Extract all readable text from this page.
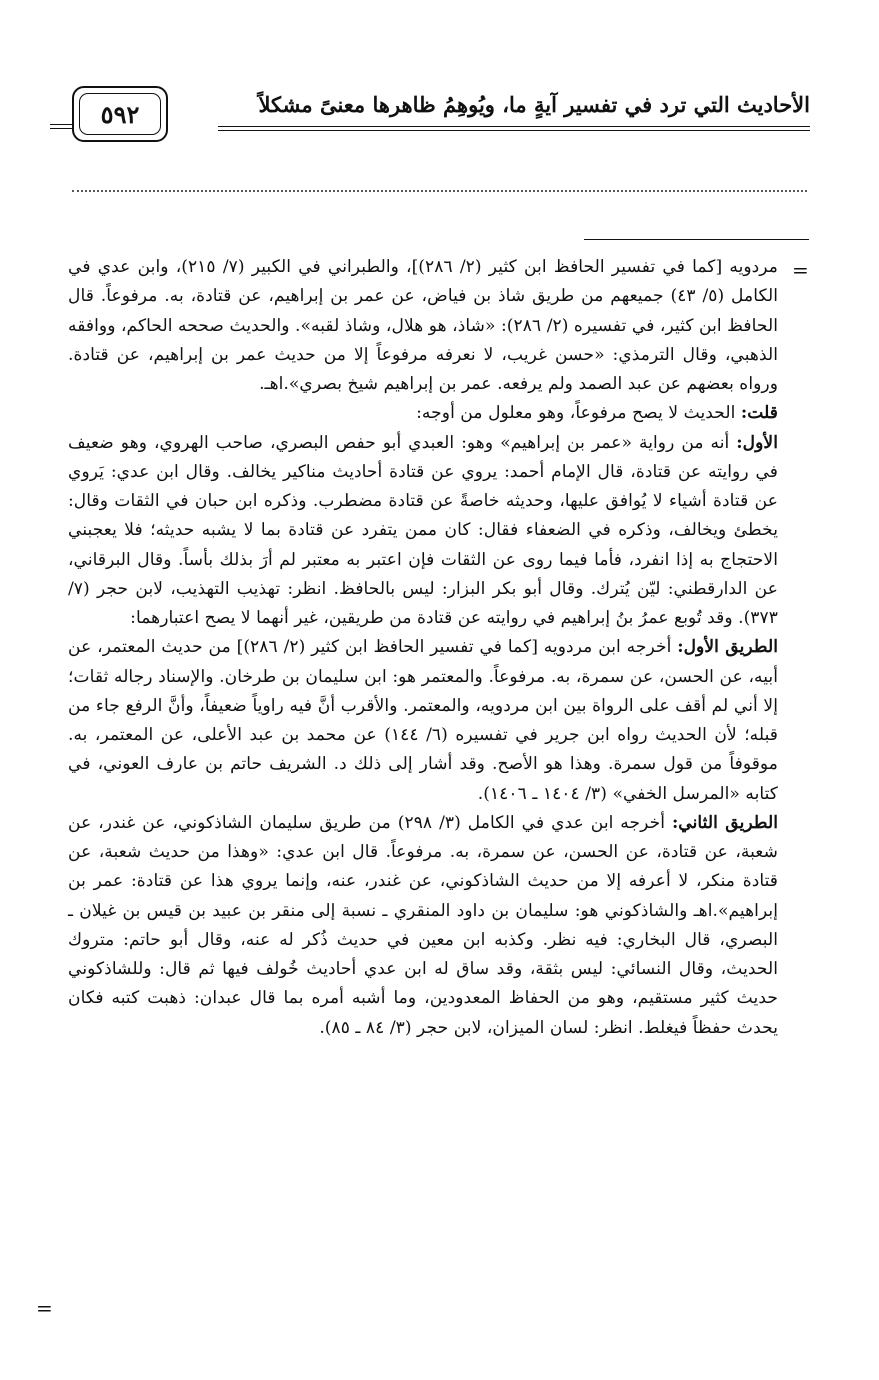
الأحاديث التي ترد في تفسير آيةٍ ما، ويُوهِمُ ظاهرها معنىً مشكلاً
٥٩٢
=

مردويه [كما في تفسير الحافظ ابن كثير (٢/ ٢٨٦)]، والطبراني في الكبير (٧/ ٢١٥)، وابن عدي في الكامل (٥/ ٤٣) جميعهم من طريق شاذ بن فياض، عن عمر بن إبراهيم، عن قتادة، به. مرفوعاً. قال الحافظ ابن كثير، في تفسيره (٢/ ٢٨٦): «شاذ، هو هلال، وشاذ لقبه». والحديث صححه الحاكم، ووافقه الذهبي، وقال الترمذي: «حسن غريب، لا نعرفه مرفوعاً إلا من حديث عمر بن إبراهيم، عن قتادة. ورواه بعضهم عن عبد الصمد ولم يرفعه. عمر بن إبراهيم شيخ بصري».اهـ.

قلت: الحديث لا يصح مرفوعاً، وهو معلول من أوجه:

الأول: أنه من رواية «عمر بن إبراهيم» وهو: العبدي أبو حفص البصري، صاحب الهروي، وهو ضعيف في روايته عن قتادة، قال الإمام أحمد: يروي عن قتادة أحاديث مناكير يخالف. وقال ابن عدي: يَروي عن قتادة أشياء لا يُوافق عليها، وحديثه خاصةً عن قتادة مضطرب. وذكره ابن حبان في الثقات وقال: يخطئ ويخالف، وذكره في الضعفاء فقال: كان ممن يتفرد عن قتادة بما لا يشبه حديثه؛ فلا يعجبني الاحتجاج به إذا انفرد، فأما فيما روى عن الثقات فإن اعتبر به معتبر لم أرَ بذلك بأساً. وقال البرقاني، عن الدارقطني: ليّن يُترك. وقال أبو بكر البزار: ليس بالحافظ. انظر: تهذيب التهذيب، لابن حجر (٧/ ٣٧٣). وقد تُوبع عمرُ بنُ إبراهيم في روايته عن قتادة من طريقين، غير أنهما لا يصح اعتبارهما:

الطريق الأول: أخرجه ابن مردويه [كما في تفسير الحافظ ابن كثير (٢/ ٢٨٦)] من حديث المعتمر، عن أبيه، عن الحسن، عن سمرة، به. مرفوعاً. والمعتمر هو: ابن سليمان بن طرخان. والإسناد رجاله ثقات؛ إلا أني لم أقف على الرواة بين ابن مردويه، والمعتمر. والأقرب أنَّ فيه راوياً ضعيفاً، وأنَّ الرفع جاء من قبله؛ لأن الحديث رواه ابن جرير في تفسيره (٦/ ١٤٤) عن محمد بن عبد الأعلى، عن المعتمر، به. موقوفاً من قول سمرة. وهذا هو الأصح. وقد أشار إلى ذلك د. الشريف حاتم بن عارف العوني، في كتابه «المرسل الخفي» (٣/ ١٤٠٤ ـ ١٤٠٦).

الطريق الثاني: أخرجه ابن عدي في الكامل (٣/ ٢٩٨) من طريق سليمان الشاذكوني، عن غندر، عن شعبة، عن قتادة، عن الحسن، عن سمرة، به. مرفوعاً. قال ابن عدي: «وهذا من حديث شعبة، عن قتادة منكر، لا أعرفه إلا من حديث الشاذكوني، عن غندر، عنه، وإنما يروي هذا عن قتادة: عمر بن إبراهيم».اهـ والشاذكوني هو: سليمان بن داود المنقري ـ نسبة إلى منقر بن عبيد بن قيس بن غيلان ـ البصري، قال البخاري: فيه نظر. وكذبه ابن معين في حديث ذُكر له عنه، وقال أبو حاتم: متروك الحديث، وقال النسائي: ليس بثقة، وقد ساق له ابن عدي أحاديث خُولف فيها ثم قال: وللشاذكوني حديث كثير مستقيم، وهو من الحفاظ المعدودين، وما أشبه أمره بما قال عبدان: ذهبت كتبه فكان يحدث حفظاً فيغلط. انظر: لسان الميزان، لابن حجر (٣/ ٨٤ ـ ٨٥).

=
